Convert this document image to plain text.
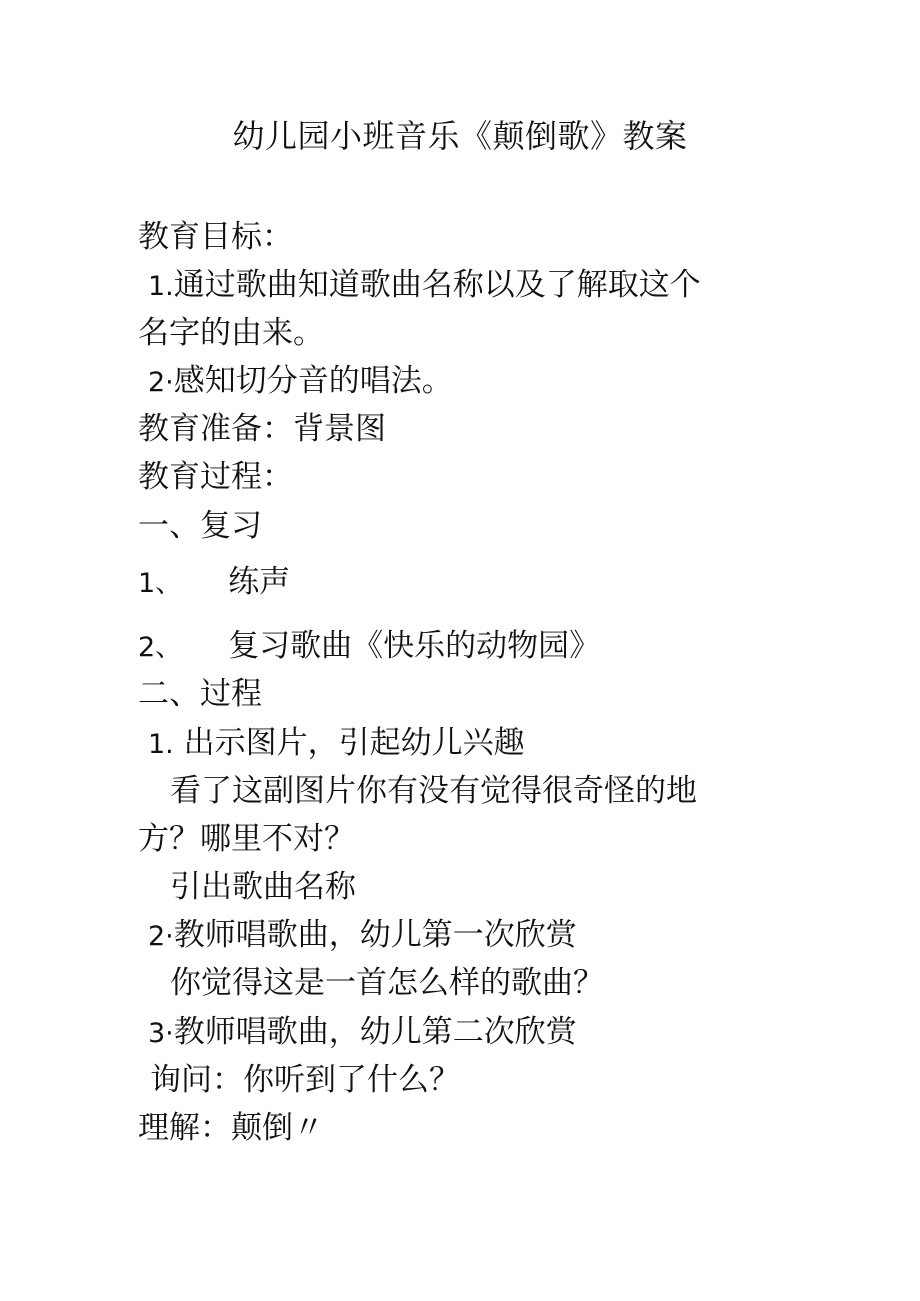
幼儿园小班音乐《颠倒歌》教案
教育目标：
1.通过歌曲知道歌曲名称以及了解取这个
名字的由来。
2·感知切分音的唱法。
教育准备：背景图
教育过程：
一、复习
1、 练声
2、 复习歌曲《快乐的动物园》
二、过程
1. 出示图片，引起幼儿兴趣
看了这副图片你有没有觉得很奇怪的地
方？哪里不对？
引出歌曲名称
2·教师唱歌曲，幼儿第一次欣赏
你觉得这是一首怎么样的歌曲？
3·教师唱歌曲，幼儿第二次欣赏
询问：你听到了什么？
理解：颠倒〃
